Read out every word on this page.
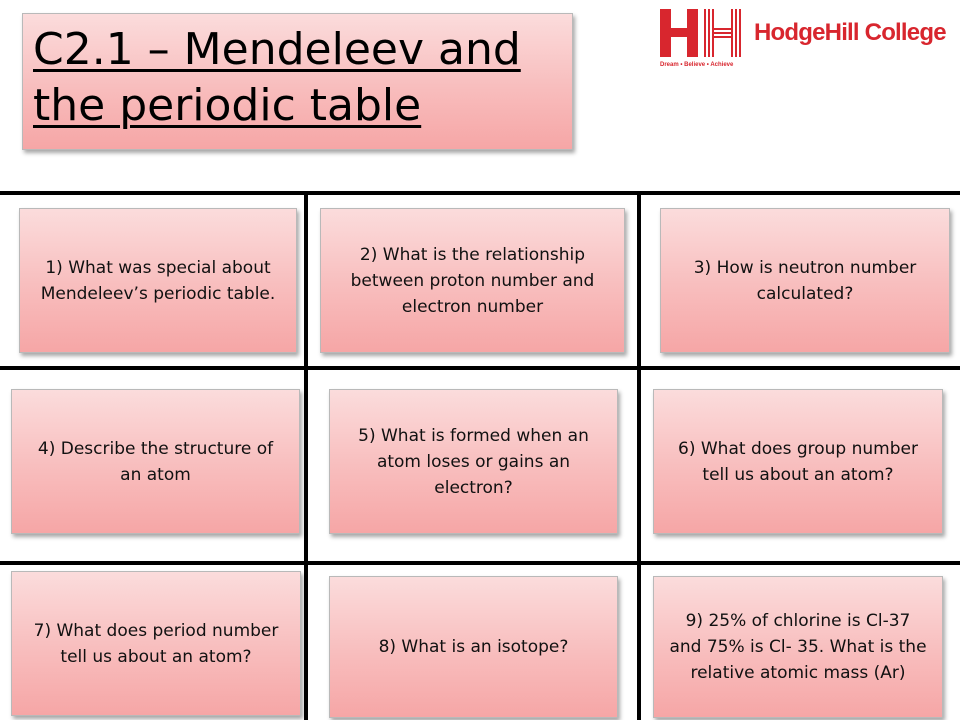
C2.1 – Mendeleev and
the periodic table
HodgeHill College
Dream • Believe • Achieve
1) What was special about Mendeleev’s periodic table.
2) What is the relationship between proton number and electron number
3) How is neutron number calculated?
4) Describe the structure of an atom
5) What is formed when an atom loses or gains an electron?
6) What does group number tell us about an atom?
7) What does period number tell us about an atom?	8) What is an isotope?
9) 25% of chlorine is Cl-37 and 75% is Cl- 35. What is the relative atomic mass (Ar)
